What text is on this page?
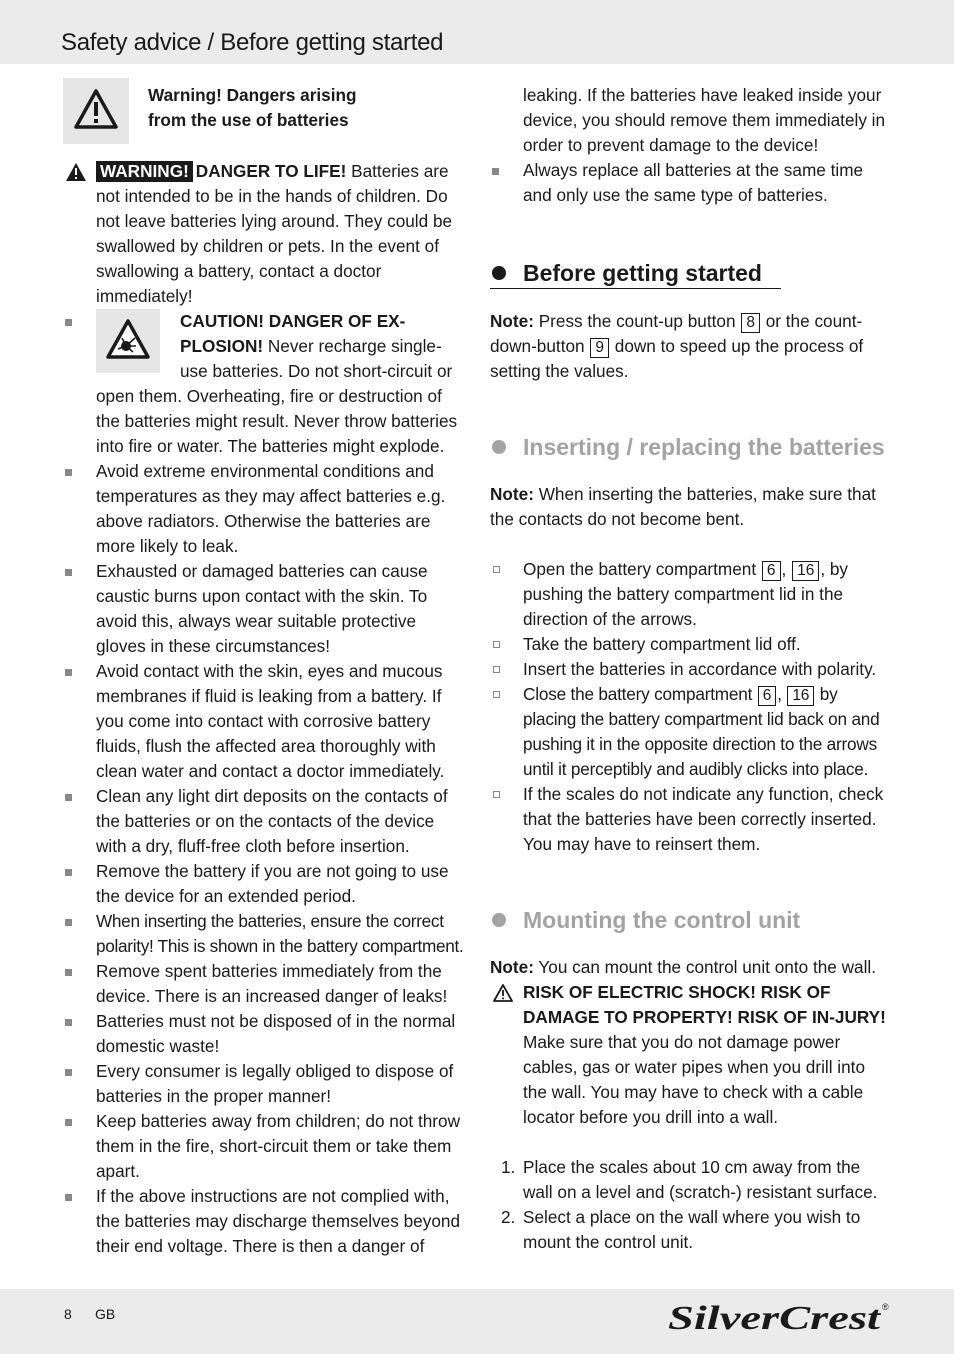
Safety advice / Before getting started
Warning! Dangers arising
from the use of batteries

WARNING! DANGER TO LIFE! Batteries are not intended to be in the hands of children. Do not leave batteries lying around. They could be swallowed by children or pets. In the event of swallowing a battery, contact a doctor immediately!

CAUTION! DANGER OF EX-PLOSION! Never recharge single-use batteries. Do not short-circuit or open them. Overheating, fire or destruction of the batteries might result. Never throw batteries into fire or water. The batteries might explode.

Avoid extreme environmental conditions and temperatures as they may affect batteries e.g. above radiators. Otherwise the batteries are more likely to leak.

Exhausted or damaged batteries can cause caustic burns upon contact with the skin. To avoid this, always wear suitable protective gloves in these circumstances!

Avoid contact with the skin, eyes and mucous membranes if fluid is leaking from a battery. If you come into contact with corrosive battery fluids, flush the affected area thoroughly with clean water and contact a doctor immediately.

Clean any light dirt deposits on the contacts of the batteries or on the contacts of the device with a dry, fluff-free cloth before insertion.

Remove the battery if you are not going to use the device for an extended period.

When inserting the batteries, ensure the correct polarity! This is shown in the battery compartment.

Remove spent batteries immediately from the device. There is an increased danger of leaks!

Batteries must not be disposed of in the normal domestic waste!

Every consumer is legally obliged to dispose of batteries in the proper manner!

Keep batteries away from children; do not throw them in the fire, short-circuit them or take them apart.

If the above instructions are not complied with, the batteries may discharge themselves beyond their end voltage. There is then a danger of

leaking. If the batteries have leaked inside your device, you should remove them immediately in order to prevent damage to the device!

Always replace all batteries at the same time and only use the same type of batteries.

Before getting started

Note: Press the count-up button 8 or the count-down-button 9 down to speed up the process of setting the values.

Inserting / replacing the batteries

Note: When inserting the batteries, make sure that the contacts do not become bent.

Open the battery compartment 6 , 16 , by pushing the battery compartment lid in the direction of the arrows.

Take the battery compartment lid off.

Insert the batteries in accordance with polarity.

Close the battery compartment 6 , 16 by placing the battery compartment lid back on and pushing it in the opposite direction to the arrows until it perceptibly and audibly clicks into place.

If the scales do not indicate any function, check that the batteries have been correctly inserted. You may have to reinsert them.

Mounting the control unit

Note: You can mount the control unit onto the wall.

RISK OF ELECTRIC SHOCK! RISK OF DAMAGE TO PROPERTY! RISK OF IN-JURY! Make sure that you do not damage power cables, gas or water pipes when you drill into the wall. You may have to check with a cable locator before you drill into a wall.

1. Place the scales about 10 cm away from the wall on a level and (scratch-) resistant surface.

2. Select a place on the wall where you wish to mount the control unit.

8 GB	SilverCrest ®
